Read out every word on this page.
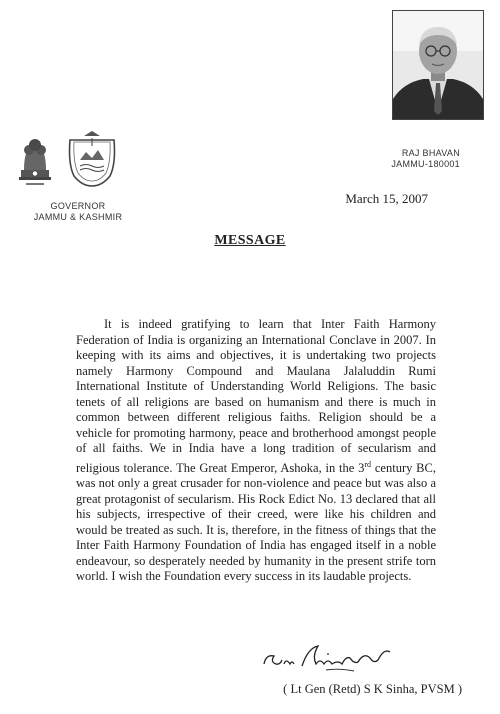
GOVERNOR
JAMMU & KASHMIR
RAJ BHAVAN
JAMMU-180001
March 15, 2007
MESSAGE

It is indeed gratifying to learn that Inter Faith Harmony Federation of India is organizing an International Conclave in 2007. In keeping with its aims and objectives, it is undertaking two projects namely Harmony Compound and Maulana Jalaluddin Rumi International Institute of Understanding World Religions. The basic tenets of all religions are based on humanism and there is much in common between different religious faiths. Religion should be a vehicle for promoting harmony, peace and brotherhood amongst people of all faiths. We in India have a long tradition of secularism and religious tolerance. The Great Emperor, Ashoka, in the 3rd century BC, was not only a great crusader for non-violence and peace but was also a great protagonist of secularism. His Rock Edict No. 13 declared that all his subjects, irrespective of their creed, were like his children and would be treated as such. It is, therefore, in the fitness of things that the Inter Faith Harmony Foundation of India has engaged itself in a noble endeavour, so desperately needed by humanity in the present strife torn world. I wish the Foundation every success in its laudable projects.

( Lt Gen (Retd) S K Sinha, PVSM )
